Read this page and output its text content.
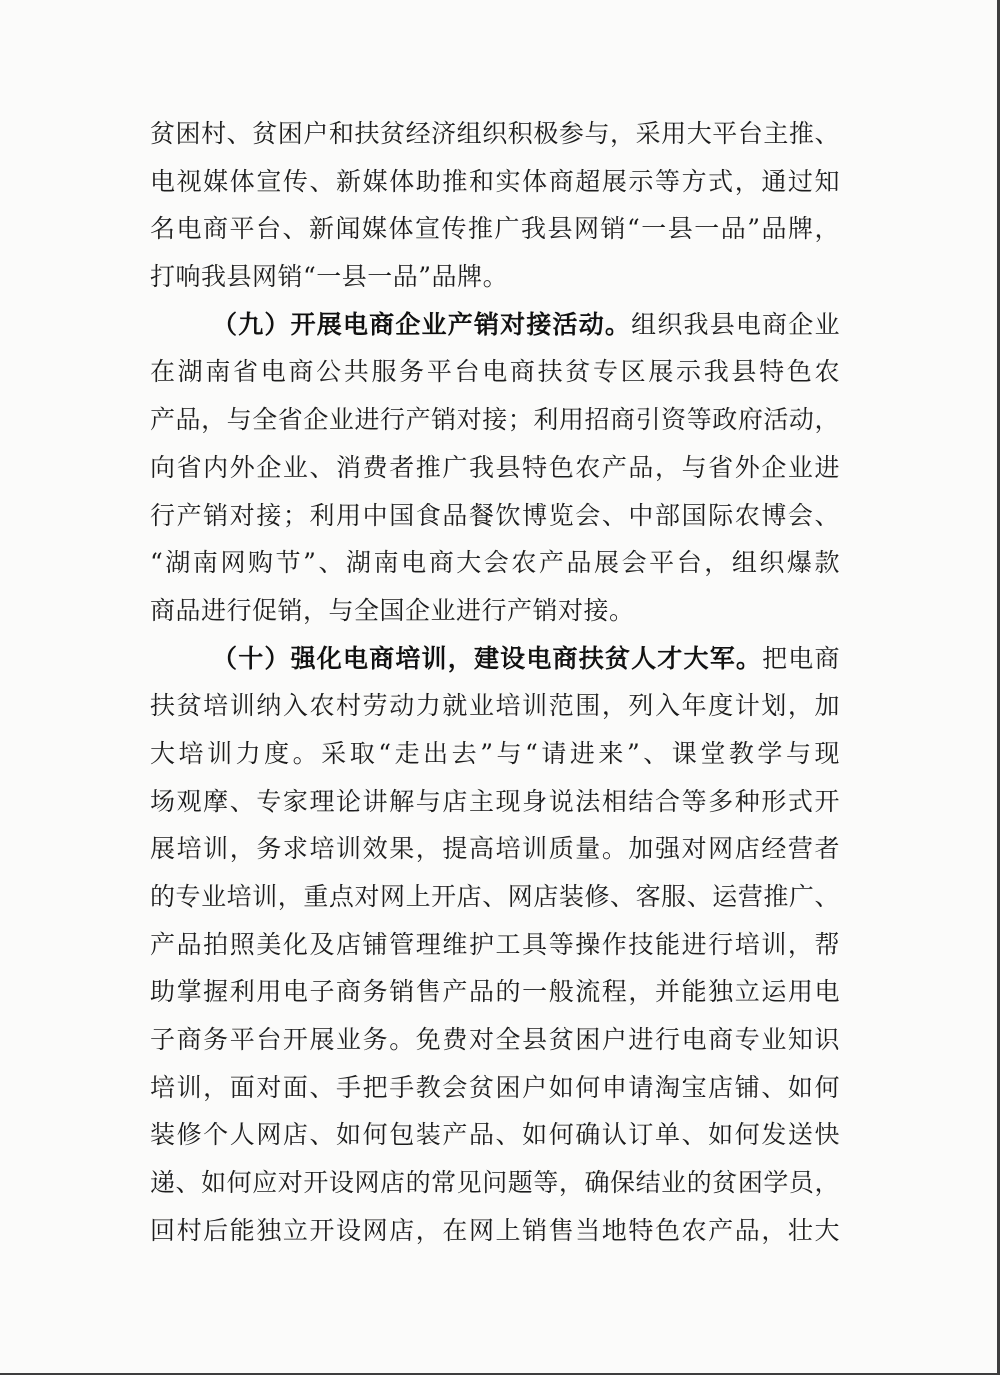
贫困村、贫困户和扶贫经济组织积极参与，采用大平台主推、
电视媒体宣传、新媒体助推和实体商超展示等方式，通过知
名电商平台、新闻媒体宣传推广我县网销“一县一品”品牌，
打响我县网销“一县一品”品牌。
（九）开展电商企业产销对接活动。组织我县电商企业
在湖南省电商公共服务平台电商扶贫专区展示我县特色农
产品，与全省企业进行产销对接；利用招商引资等政府活动，
向省内外企业、消费者推广我县特色农产品，与省外企业进
行产销对接；利用中国食品餐饮博览会、中部国际农博会、
“湖南网购节”、湖南电商大会农产品展会平台，组织爆款
商品进行促销，与全国企业进行产销对接。
（十）强化电商培训，建设电商扶贫人才大军。把电商
扶贫培训纳入农村劳动力就业培训范围，列入年度计划，加
大培训力度。采取“走出去”与“请进来”、课堂教学与现
场观摩、专家理论讲解与店主现身说法相结合等多种形式开
展培训，务求培训效果，提高培训质量。加强对网店经营者
的专业培训，重点对网上开店、网店装修、客服、运营推广、
产品拍照美化及店铺管理维护工具等操作技能进行培训，帮
助掌握利用电子商务销售产品的一般流程，并能独立运用电
子商务平台开展业务。免费对全县贫困户进行电商专业知识
培训，面对面、手把手教会贫困户如何申请淘宝店铺、如何
装修个人网店、如何包装产品、如何确认订单、如何发送快
递、如何应对开设网店的常见问题等，确保结业的贫困学员，
回村后能独立开设网店，在网上销售当地特色农产品，壮大
